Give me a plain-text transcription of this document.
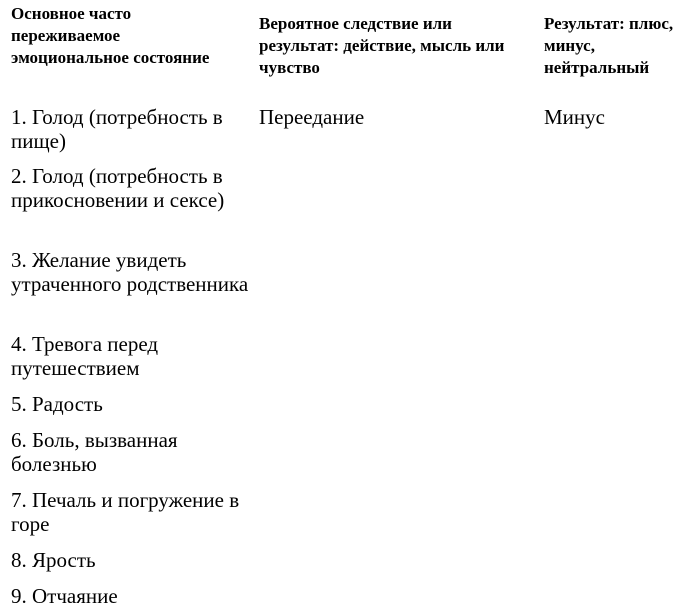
Основное часто переживаемое эмоциональное состояние

Вероятное следствие или результат: действие, мысль или чувство

Результат: плюс, минус, нейтральный

1. Голод (потребность в пище)

Переедание	Минус

2. Голод (потребность в прикосновении и сексе)

3. Желание увидеть утраченного родственника

4. Тревога перед путешествием

5. Радость

6. Боль, вызванная болезнью

7. Печаль и погружение в горе

8. Ярость

9. Отчаяние
